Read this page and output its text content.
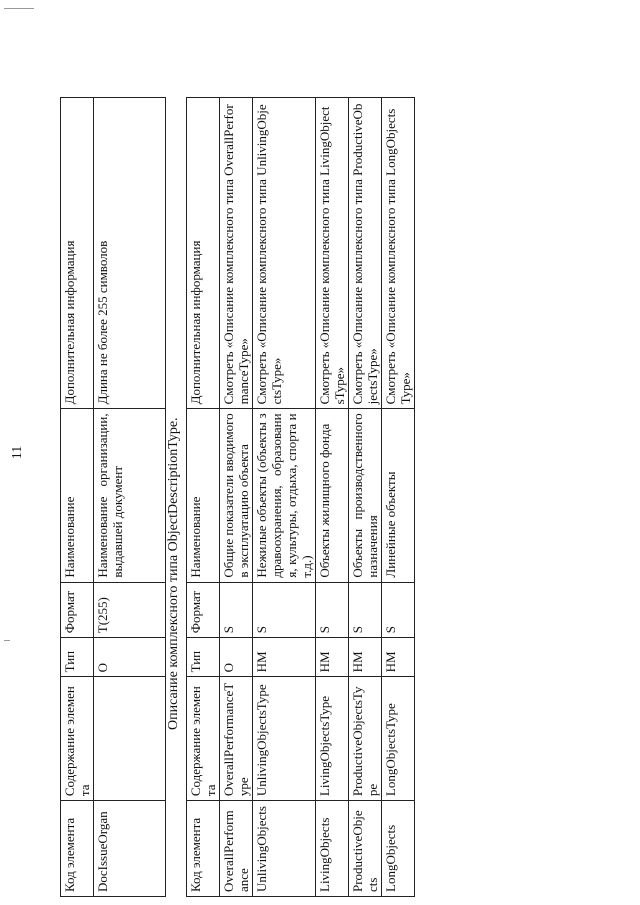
11
Код элемента	Содержание элемента	Тип	Формат	Наименование	Дополнительная информация
DocIssueOrgan		O	T(255)	Наименование организации, выдавшей документ	Длина не более 255 символов
Описание комплексного типа ObjectDescriptionType.
Код элемента	Содержание элемента	Тип	Формат	Наименование	Дополнительная информация
OverallPerformance	OverallPerformanceType	O	S	Общие показатели вводимого в эксплуатацию объекта	Смотреть «Описание комплексного типа OverallPerformanceType»
UnlivingObjects	UnlivingObjectsType	НМ	S	Нежилые объекты (объекты здравоохранения, образования, культуры, отдыха, спорта и т.д.)	Смотреть «Описание комплексного типа UnlivingObjectsType»
LivingObjects	LivingObjectsType	НМ	S	Объекты жилищного фонда	Смотреть «Описание комплексного типа LivingObjectsType»
ProductiveObjects	ProductiveObjectsType	НМ	S	Объекты производственного назначения	Смотреть «Описание комплексного типа ProductiveObjectsType»
LongObjects	LongObjectsType	НМ	S	Линейные объекты	Смотреть «Описание комплексного типа LongObjectsType»
